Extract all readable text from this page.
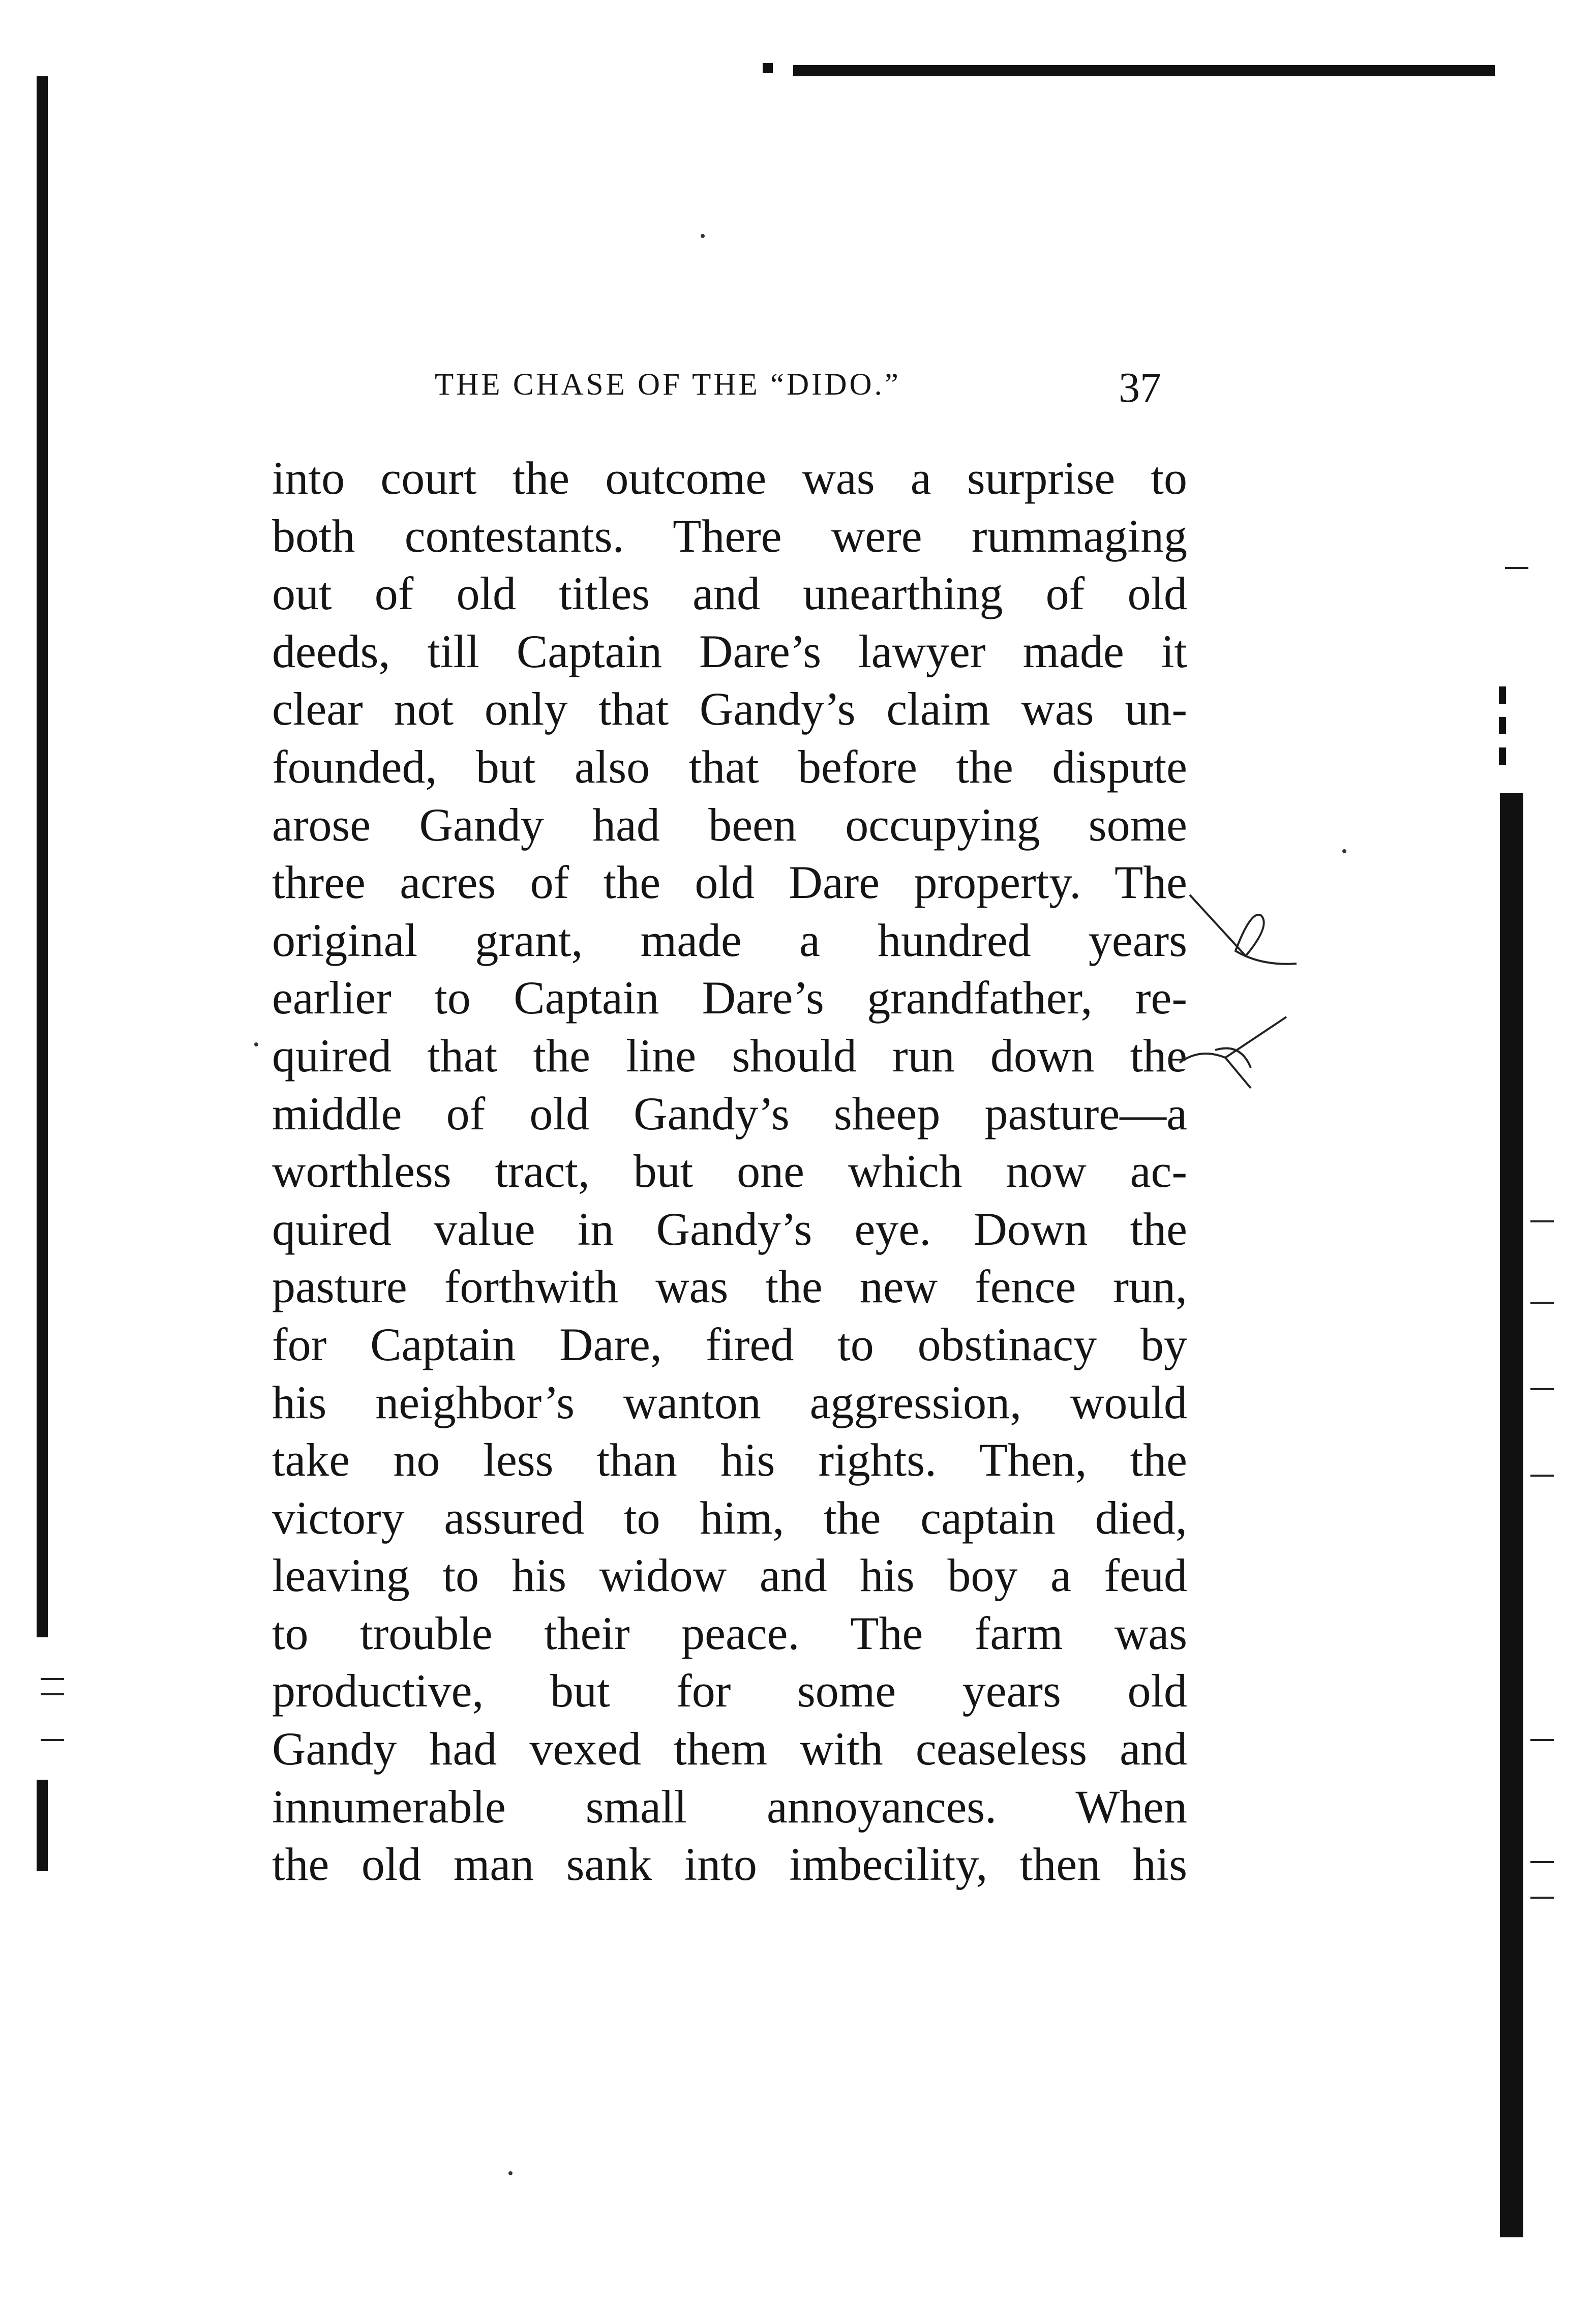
THE CHASE OF THE “DIDO.”	37
into court the outcome was a surprise to
both contestants. There were rummaging
out of old titles and unearthing of old
deeds, till Captain Dare’s lawyer made it
clear not only that Gandy’s claim was un-
founded, but also that before the dispute
arose Gandy had been occupying some
three acres of the old Dare property. The
original grant, made a hundred years
earlier to Captain Dare’s grandfather, re-
quired that the line should run down the
middle of old Gandy’s sheep pasture—a
worthless tract, but one which now ac-
quired value in Gandy’s eye. Down the
pasture forthwith was the new fence run,
for Captain Dare, fired to obstinacy by
his neighbor’s wanton aggression, would
take no less than his rights. Then, the
victory assured to him, the captain died,
leaving to his widow and his boy a feud
to trouble their peace. The farm was
productive, but for some years old
Gandy had vexed them with ceaseless and
innumerable small annoyances. When
the old man sank into imbecility, then his
